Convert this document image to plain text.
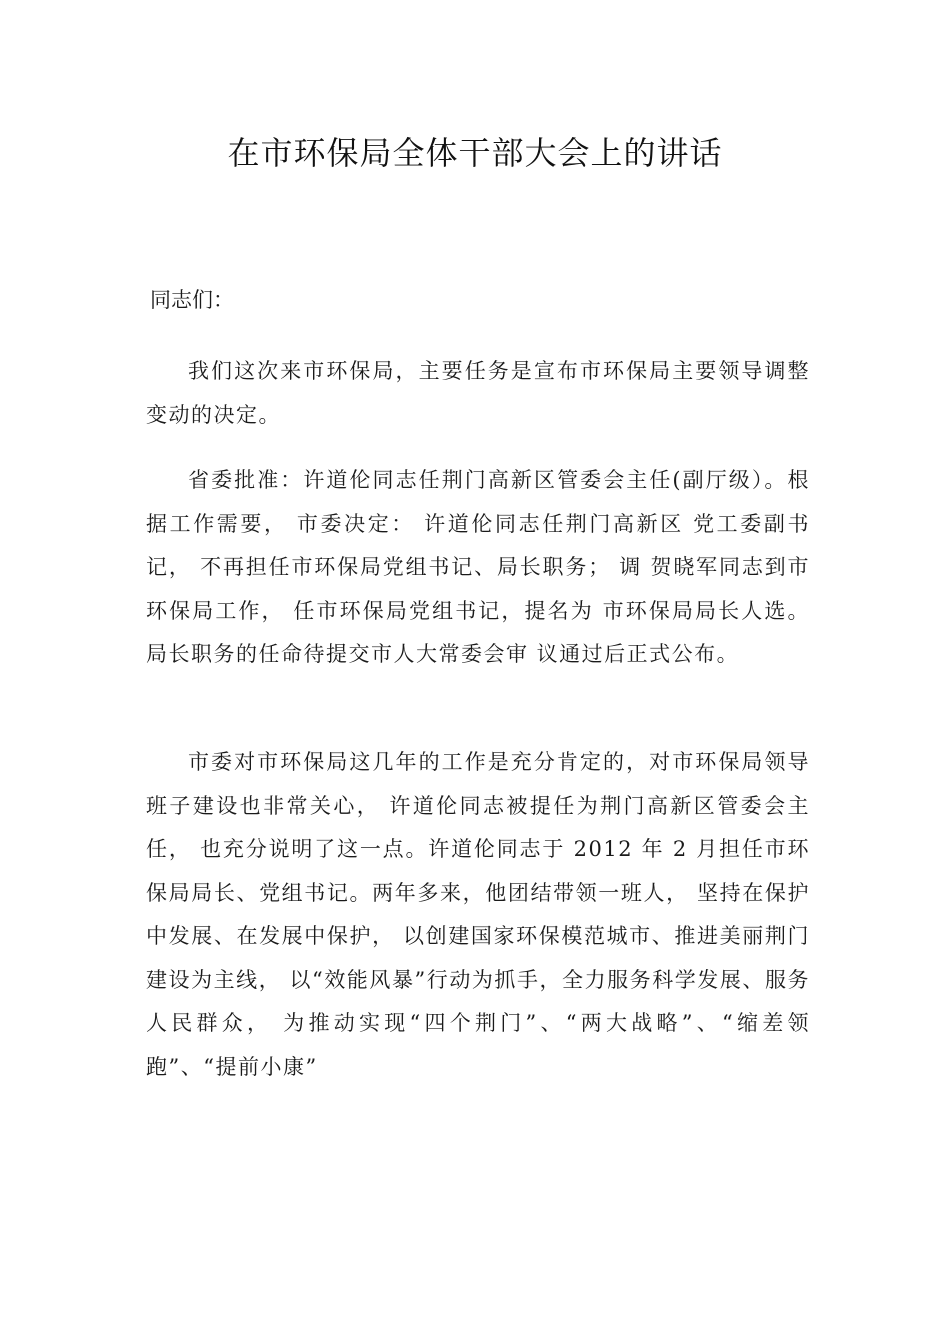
在市环保局全体干部大会上的讲话

同志们：

我们这次来市环保局，主要任务是宣布市环保局主要领导调整变动的决定。

省委批准：许道伦同志任荆门高新区管委会主任(副厅级）。根据工作需要， 市委决定： 许道伦同志任荆门高新区 党工委副书记， 不再担任市环保局党组书记、局长职务； 调 贺晓军同志到市环保局工作， 任市环保局党组书记，提名为 市环保局局长人选。局长职务的任命待提交市人大常委会审 议通过后正式公布。

市委对市环保局这几年的工作是充分肯定的，对市环保局领导班子建设也非常关心， 许道伦同志被提任为荆门高新区管委会主任， 也充分说明了这一点。许道伦同志于 2012 年 2 月担任市环保局局长、党组书记。两年多来，他团结带领一班人， 坚持在保护中发展、在发展中保护， 以创建国家环保模范城市、推进美丽荆门建设为主线， 以“效能风暴”行动为抓手，全力服务科学发展、服务人民群众， 为推动实现“四个荆门”、“两大战略”、“缩差领跑”、“提前小康”
